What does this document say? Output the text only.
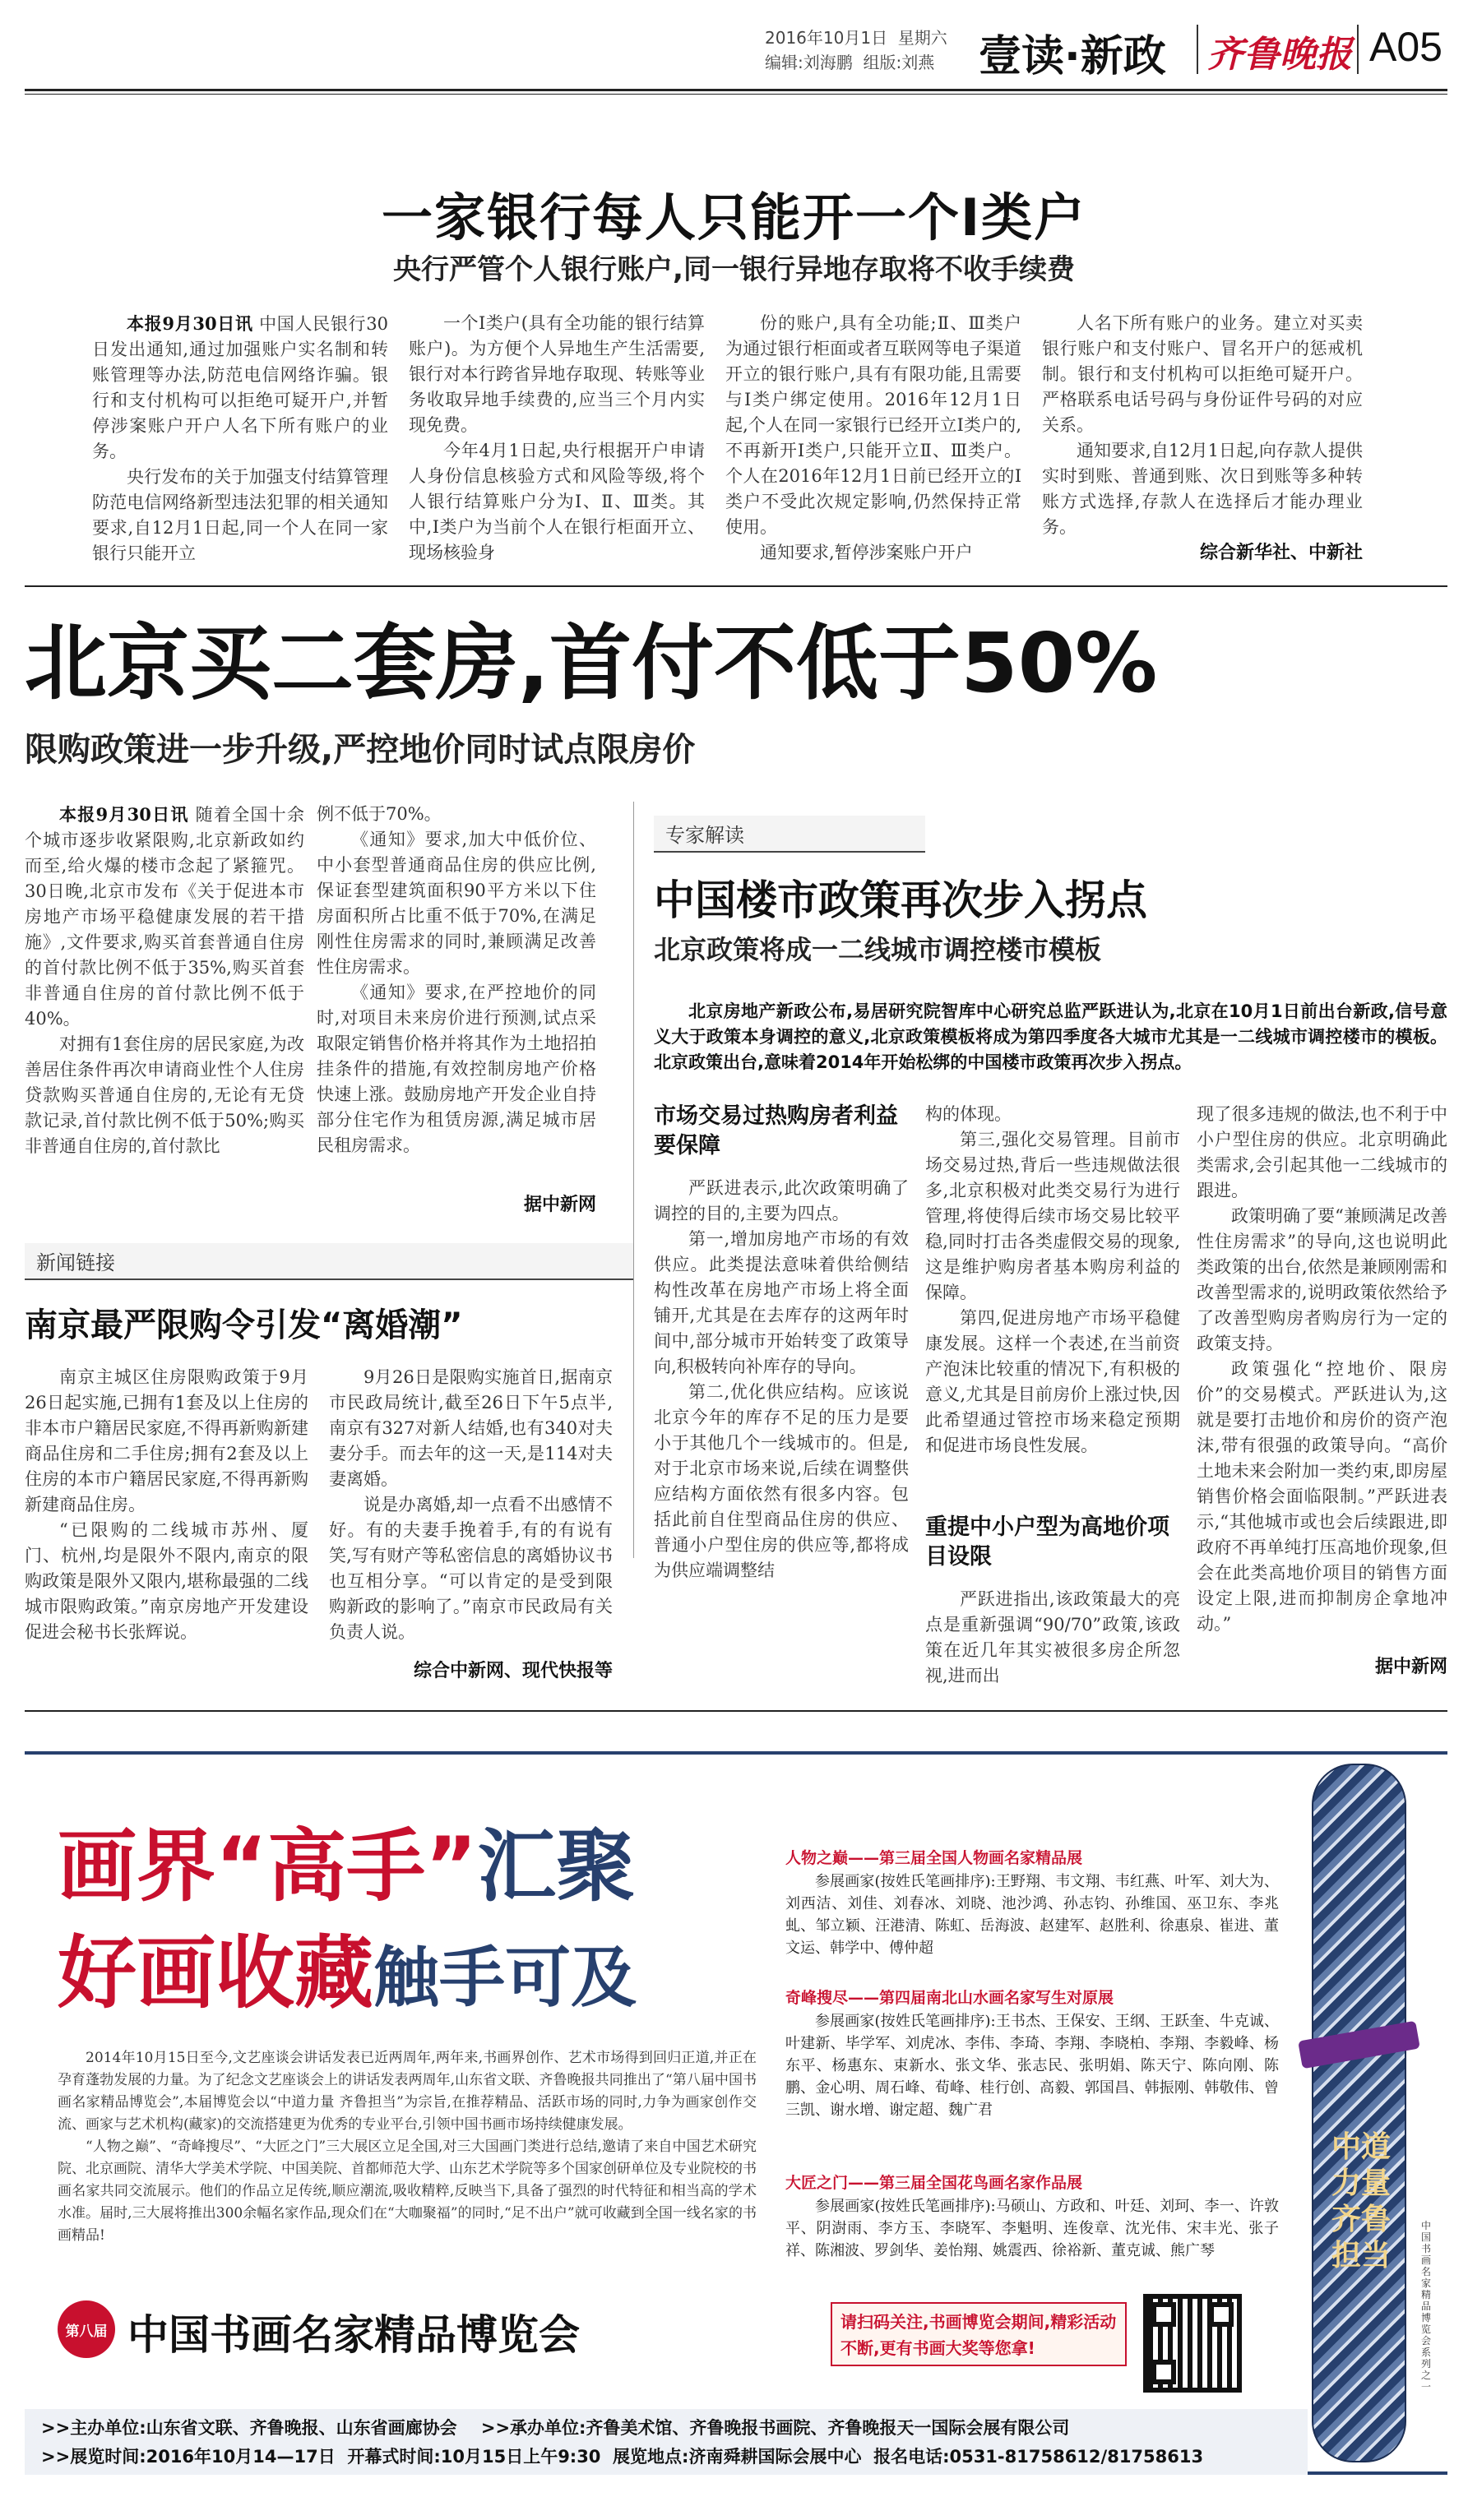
2016年10月1日 星期六
编辑:刘海鹏 组版:刘燕 壹读·新政 齐鲁晚报 A05
一家银行每人只能开一个Ⅰ类户
央行严管个人银行账户,同一银行异地存取将不收手续费

本报9月30日讯 中国人民银行30日发出通知,通过加强账户实名制和转账管理等办法,防范电信网络诈骗。银行和支付机构可以拒绝可疑开户,并暂停涉案账户开户人名下所有账户的业务。

央行发布的关于加强支付结算管理防范电信网络新型违法犯罪的相关通知要求,自12月1日起,同一个人在同一家银行只能开立

一个Ⅰ类户(具有全功能的银行结算账户)。为方便个人异地生产生活需要,银行对本行跨省异地存取现、转账等业务收取异地手续费的,应当三个月内实现免费。

今年4月1日起,央行根据开户申请人身份信息核验方式和风险等级,将个人银行结算账户分为Ⅰ、Ⅱ、Ⅲ类。其中,Ⅰ类户为当前个人在银行柜面开立、现场核验身

份的账户,具有全功能;Ⅱ、Ⅲ类户为通过银行柜面或者互联网等电子渠道开立的银行账户,具有有限功能,且需要与Ⅰ类户绑定使用。2016年12月1日起,个人在同一家银行已经开立Ⅰ类户的,不再新开Ⅰ类户,只能开立Ⅱ、Ⅲ类户。个人在2016年12月1日前已经开立的Ⅰ类户不受此次规定影响,仍然保持正常使用。

通知要求,暂停涉案账户开户

人名下所有账户的业务。建立对买卖银行账户和支付账户、冒名开户的惩戒机制。银行和支付机构可以拒绝可疑开户。严格联系电话号码与身份证件号码的对应关系。

通知要求,自12月1日起,向存款人提供实时到账、普通到账、次日到账等多种转账方式选择,存款人在选择后才能办理业务。

综合新华社、中新社
北京买二套房,首付不低于50%
限购政策进一步升级,严控地价同时试点限房价

本报9月30日讯 随着全国十余个城市逐步收紧限购,北京新政如约而至,给火爆的楼市念起了紧箍咒。30日晚,北京市发布《关于促进本市房地产市场平稳健康发展的若干措施》,文件要求,购买首套普通自住房的首付款比例不低于35%,购买首套非普通自住房的首付款比例不低于40%。

对拥有1套住房的居民家庭,为改善居住条件再次申请商业性个人住房贷款购买普通自住房的,无论有无贷款记录,首付款比例不低于50%;购买非普通自住房的,首付款比

例不低于70%。

《通知》要求,加大中低价位、中小套型普通商品住房的供应比例,保证套型建筑面积90平方米以下住房面积所占比重不低于70%,在满足刚性住房需求的同时,兼顾满足改善性住房需求。

《通知》要求,在严控地价的同时,对项目未来房价进行预测,试点采取限定销售价格并将其作为土地招拍挂条件的措施,有效控制房地产价格快速上涨。鼓励房地产开发企业自持部分住宅作为租赁房源,满足城市居民租房需求。

据中新网
新闻链接
南京最严限购令引发“离婚潮”

南京主城区住房限购政策于9月26日起实施,已拥有1套及以上住房的非本市户籍居民家庭,不得再新购新建商品住房和二手住房;拥有2套及以上住房的本市户籍居民家庭,不得再新购新建商品住房。

“已限购的二线城市苏州、厦门、杭州,均是限外不限内,南京的限购政策是限外又限内,堪称最强的二线城市限购政策。”南京房地产开发建设促进会秘书长张辉说。

9月26日是限购实施首日,据南京市民政局统计,截至26日下午5点半,南京有327对新人结婚,也有340对夫妻分手。而去年的这一天,是114对夫妻离婚。

说是办离婚,却一点看不出感情不好。有的夫妻手挽着手,有的有说有笑,写有财产等私密信息的离婚协议书也互相分享。“可以肯定的是受到限购新政的影响了。”南京市民政局有关负责人说。

综合中新网、现代快报等
专家解读
中国楼市政策再次步入拐点
北京政策将成一二线城市调控楼市模板

北京房地产新政公布,易居研究院智库中心研究总监严跃进认为,北京在10月1日前出台新政,信号意义大于政策本身调控的意义,北京政策模板将成为第四季度各大城市尤其是一二线城市调控楼市的模板。北京政策出台,意味着2014年开始松绑的中国楼市政策再次步入拐点。

市场交易过热购房者利益要保障

严跃进表示,此次政策明确了调控的目的,主要为四点。

第一,增加房地产市场的有效供应。此类提法意味着供给侧结构性改革在房地产市场上将全面铺开,尤其是在去库存的这两年时间中,部分城市开始转变了政策导向,积极转向补库存的导向。

第二,优化供应结构。应该说北京今年的库存不足的压力是要小于其他几个一线城市的。但是,对于北京市场来说,后续在调整供应结构方面依然有很多内容。包括此前自住型商品住房的供应、普通小户型住房的供应等,都将成为供应端调整结

构的体现。

第三,强化交易管理。目前市场交易过热,背后一些违规做法很多,北京积极对此类交易行为进行管理,将使得后续市场交易比较平稳,同时打击各类虚假交易的现象,这是维护购房者基本购房利益的保障。

第四,促进房地产市场平稳健康发展。这样一个表述,在当前资产泡沫比较重的情况下,有积极的意义,尤其是目前房价上涨过快,因此希望通过管控市场来稳定预期和促进市场良性发展。

重提中小户型为高地价项目设限

严跃进指出,该政策最大的亮点是重新强调“90/70”政策,该政策在近几年其实被很多房企所忽视,进而出

现了很多违规的做法,也不利于中小户型住房的供应。北京明确此类需求,会引起其他一二线城市的跟进。

政策明确了要“兼顾满足改善性住房需求”的导向,这也说明此类政策的出台,依然是兼顾刚需和改善型需求的,说明政策依然给予了改善型购房者购房行为一定的政策支持。

政策强化“控地价、限房价”的交易模式。严跃进认为,这就是要打击地价和房价的资产泡沫,带有很强的政策导向。“高价土地未来会附加一类约束,即房屋销售价格会面临限制。”严跃进表示,“其他城市或也会后续跟进,即政府不再单纯打压高地价现象,但会在此类高地价项目的销售方面设定上限,进而抑制房企拿地冲动。”

据中新网
画界“高手”汇聚
好画收藏触手可及

2014年10月15日至今,文艺座谈会讲话发表已近两周年,两年来,书画界创作、艺术市场得到回归正道,并正在孕育蓬勃发展的力量。为了纪念文艺座谈会上的讲话发表两周年,山东省文联、齐鲁晚报共同推出了“第八届中国书画名家精品博览会”,本届博览会以“中道力量 齐鲁担当”为宗旨,在推荐精品、活跃市场的同时,力争为画家创作交流、画家与艺术机构(藏家)的交流搭建更为优秀的专业平台,引领中国书画市场持续健康发展。

“人物之巅”、“奇峰搜尽”、“大匠之门”三大展区立足全国,对三大国画门类进行总结,邀请了来自中国艺术研究院、北京画院、清华大学美术学院、中国美院、首都师范大学、山东艺术学院等多个国家创研单位及专业院校的书画名家共同交流展示。他们的作品立足传统,顺应潮流,吸收精粹,反映当下,具备了强烈的时代特征和相当高的学术水准。届时,三大展将推出300余幅名家作品,现众们在“大咖聚福”的同时,“足不出户”就可收藏到全国一线名家的书画精品!

人物之巅——第三届全国人物画名家精品展

参展画家(按姓氏笔画排序):王野翔、韦文翔、韦红燕、叶军、刘大为、刘西洁、刘佳、刘春冰、刘晓、池沙鸿、孙志钧、孙维国、巫卫东、李兆虬、邹立颖、汪港清、陈虹、岳海波、赵建军、赵胜利、徐惠泉、崔进、董文运、韩学中、傅仲超

奇峰搜尽——第四届南北山水画名家写生对原展

参展画家(按姓氏笔画排序):王书杰、王保安、王纲、王跃奎、牛克诚、叶建新、毕学军、刘虎冰、李伟、李琦、李翔、李晓柏、李翔、李毅峰、杨东平、杨惠东、束新水、张文华、张志民、张明娟、陈天宁、陈向刚、陈鹏、金心明、周石峰、荀峰、桂行创、高毅、郭国昌、韩振刚、韩敬伟、曾三凯、谢水增、谢定超、魏广君

大匠之门——第三届全国花鸟画名家作品展

参展画家(按姓氏笔画排序):马硕山、方政和、叶廷、刘珂、李一、许敦平、阴澍雨、李方玉、李晓军、李魁明、连俊章、沈光伟、宋丰光、张子祥、陈湘波、罗剑华、姜怡翔、姚震西、徐裕新、董克诚、熊广琴

中道力量 齐鲁担当
中国书画名家精品博览会系列之一
第八届 中国书画名家精品博览会	请扫码关注,书画博览会期间,精彩活动不断,更有书画大奖等您拿!
>>主办单位:山东省文联、齐鲁晚报、山东省画廊协会 >>承办单位:齐鲁美术馆、齐鲁晚报书画院、齐鲁晚报天一国际会展有限公司
>>展览时间:2016年10月14—17日 开幕式时间:10月15日上午9:30 展览地点:济南舜耕国际会展中心 报名电话:0531-81758612/81758613
